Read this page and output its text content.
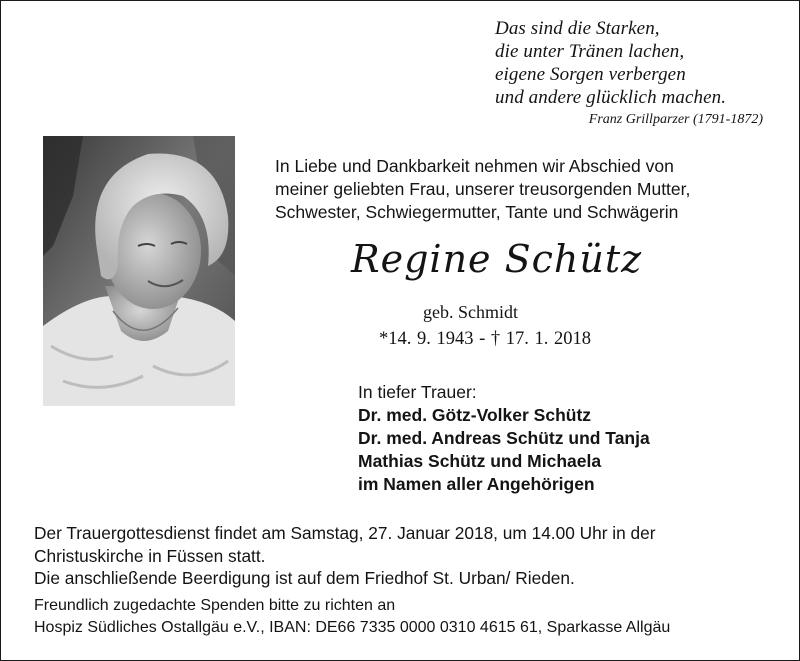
Das sind die Starken,
die unter Tränen lachen,
eigene Sorgen verbergen
und andere glücklich machen.
Franz Grillparzer (1791-1872)
In Liebe und Dankbarkeit nehmen wir Abschied von
meiner geliebten Frau, unserer treusorgenden Mutter,
Schwester, Schwiegermutter, Tante und Schwägerin
Regine Schütz
geb. Schmidt
*14. 9. 1943 - † 17. 1. 2018
In tiefer Trauer:
Dr. med. Götz-Volker Schütz
Dr. med. Andreas Schütz und Tanja
Mathias Schütz und Michaela
im Namen aller Angehörigen
Der Trauergottesdienst findet am Samstag, 27. Januar 2018, um 14.00 Uhr in der
Christuskirche in Füssen statt.
Die anschließende Beerdigung ist auf dem Friedhof St. Urban/ Rieden.
Freundlich zugedachte Spenden bitte zu richten an
Hospiz Südliches Ostallgäu e.V., IBAN: DE66 7335 0000 0310 4615 61, Sparkasse Allgäu
